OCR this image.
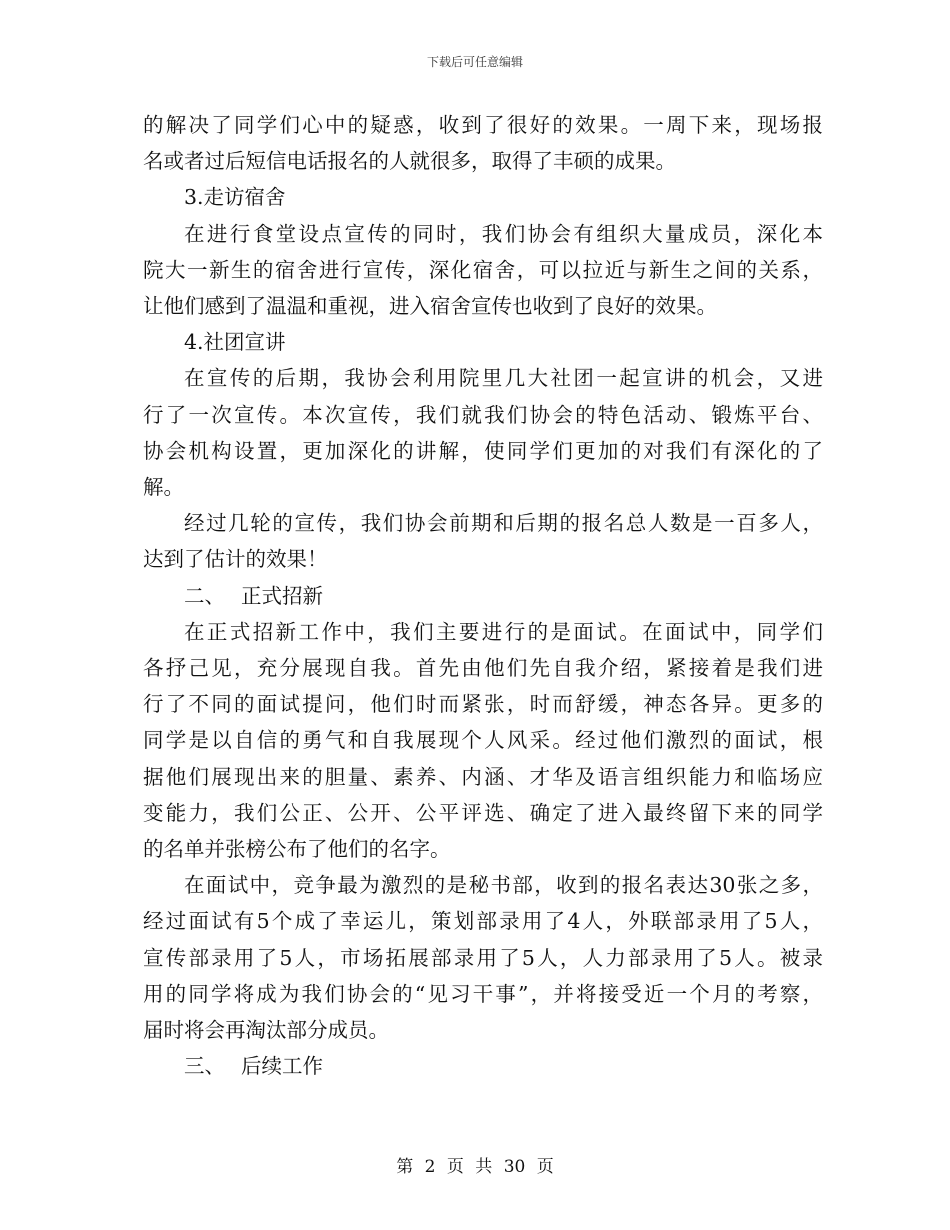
下载后可任意编辑

的解决了同学们心中的疑惑，收到了很好的效果。一周下来，现场报

名或者过后短信电话报名的人就很多，取得了丰硕的成果。

3.走访宿舍

在进行食堂设点宣传的同时，我们协会有组织大量成员，深化本

院大一新生的宿舍进行宣传，深化宿舍，可以拉近与新生之间的关系，

让他们感到了温温和重视，进入宿舍宣传也收到了良好的效果。

4.社团宣讲

在宣传的后期，我协会利用院里几大社团一起宣讲的机会，又进

行了一次宣传。本次宣传，我们就我们协会的特色活动、锻炼平台、

协会机构设置，更加深化的讲解，使同学们更加的对我们有深化的了

解。

经过几轮的宣传，我们协会前期和后期的报名总人数是一百多人，

达到了估计的效果！

二、 正式招新

在正式招新工作中，我们主要进行的是面试。在面试中，同学们

各抒己见，充分展现自我。首先由他们先自我介绍，紧接着是我们进

行了不同的面试提问，他们时而紧张，时而舒缓，神态各异。更多的

同学是以自信的勇气和自我展现个人风采。经过他们激烈的面试，根

据他们展现出来的胆量、素养、内涵、才华及语言组织能力和临场应

变能力，我们公正、公开、公平评选、确定了进入最终留下来的同学

的名单并张榜公布了他们的名字。

在面试中，竞争最为激烈的是秘书部，收到的报名表达30张之多，

经过面试有5个成了幸运儿，策划部录用了4人，外联部录用了5人，

宣传部录用了5人，市场拓展部录用了5人，人力部录用了5人。被录

用的同学将成为我们协会的“见习干事”，并将接受近一个月的考察，

届时将会再淘汰部分成员。

三、 后续工作

第 2 页 共 30 页
